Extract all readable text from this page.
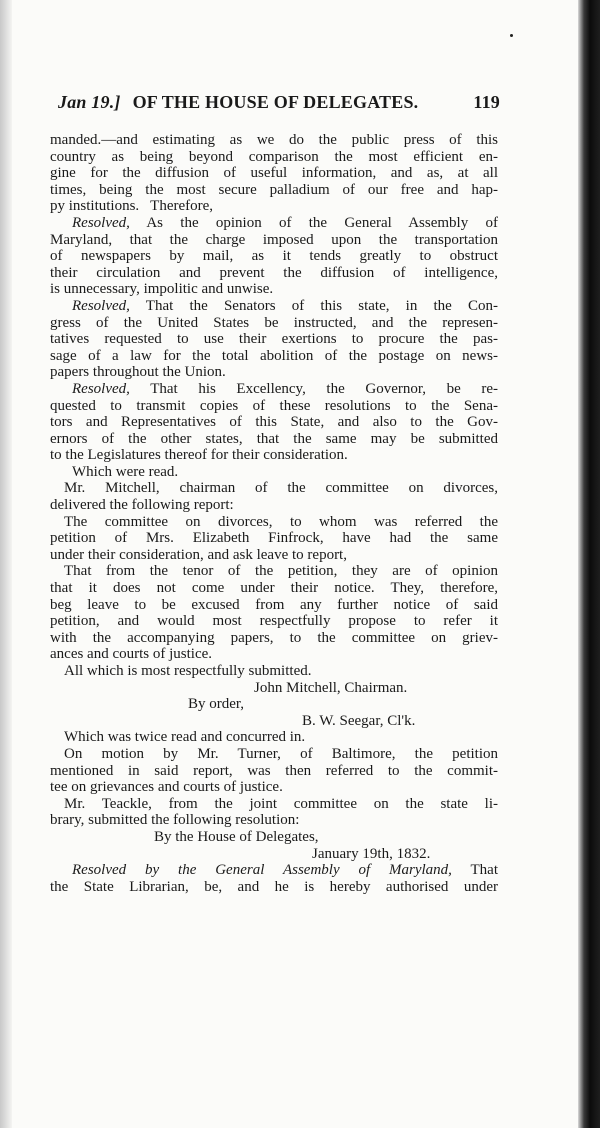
Jan 19.] OF THE HOUSE OF DELEGATES.	119
manded.—and estimating as we do the public press of this
country as being beyond comparison the most efficient en-
gine for the diffusion of useful information, and as, at all
times, being the most secure palladium of our free and hap-
py institutions.   Therefore,
Resolved, As the opinion of the General Assembly of
Maryland, that the charge imposed upon the transportation
of newspapers by mail, as it tends greatly to obstruct
their circulation and prevent the diffusion of intelligence,
is unnecessary, impolitic and unwise.
Resolved, That the Senators of this state, in the Con-
gress of the United States be instructed, and the represen-
tatives requested to use their exertions to procure the pas-
sage of a law for the total abolition of the postage on news-
papers throughout the Union.
Resolved, That his Excellency, the Governor, be re-
quested to transmit copies of these resolutions to the Sena-
tors and Representatives of this State, and also to the Gov-
ernors of the other states, that the same may be submitted
to the Legislatures thereof for their consideration.
Which were read.
Mr. Mitchell, chairman of the committee on divorces,
delivered the following report:
The committee on divorces, to whom was referred the
petition of Mrs. Elizabeth Finfrock, have had the same
under their consideration, and ask leave to report,
That from the tenor of the petition, they are of opinion
that it does not come under their notice. They, therefore,
beg leave to be excused from any further notice of said
petition, and would most respectfully propose to refer it
with the accompanying papers, to the committee on griev-
ances and courts of justice.
All which is most respectfully submitted.
John Mitchell, Chairman.
By order,
B. W. Seegar, Cl'k.
Which was twice read and concurred in.
On motion by Mr. Turner, of Baltimore, the petition
mentioned in said report, was then referred to the commit-
tee on grievances and courts of justice.
Mr. Teackle, from the joint committee on the state li-
brary, submitted the following resolution:
By the House of Delegates,
January 19th, 1832.
Resolved by the General Assembly of Maryland, That
the State Librarian, be, and he is hereby authorised under
